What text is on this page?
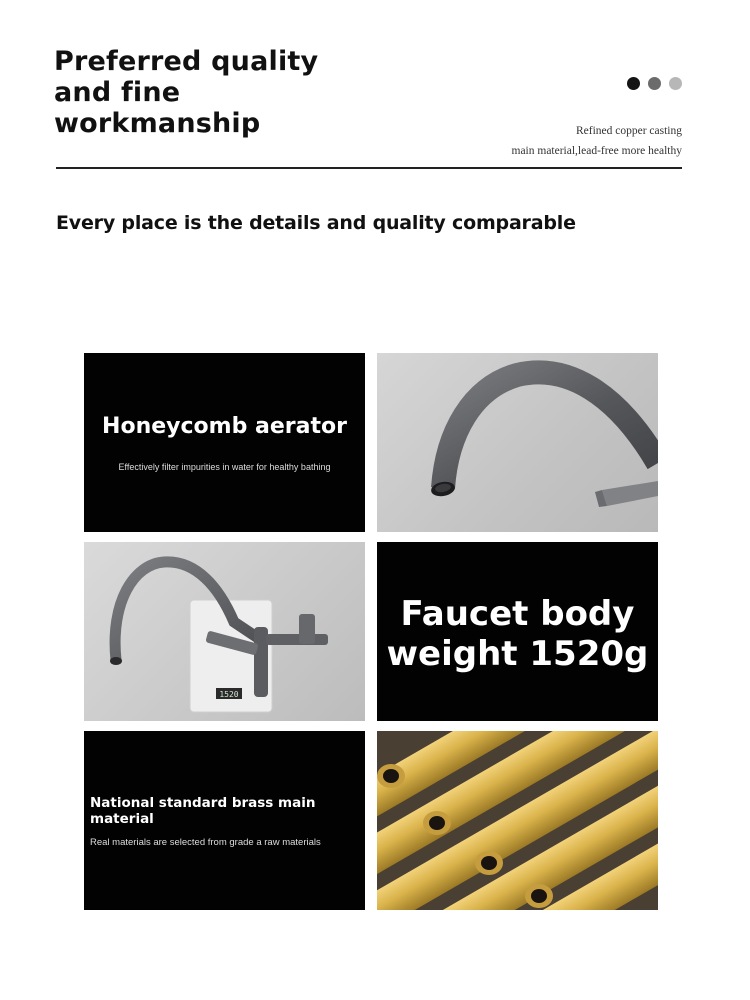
Preferred quality
and fine
workmanship	Refined copper casting
main material,lead-free more healthy
Every place is the details and quality comparable
Honeycomb aerator
Effectively filter impurities in water for healthy bathing
1520
Faucet body
weight 1520g
National standard brass main material
Real materials are selected from grade a raw materials
